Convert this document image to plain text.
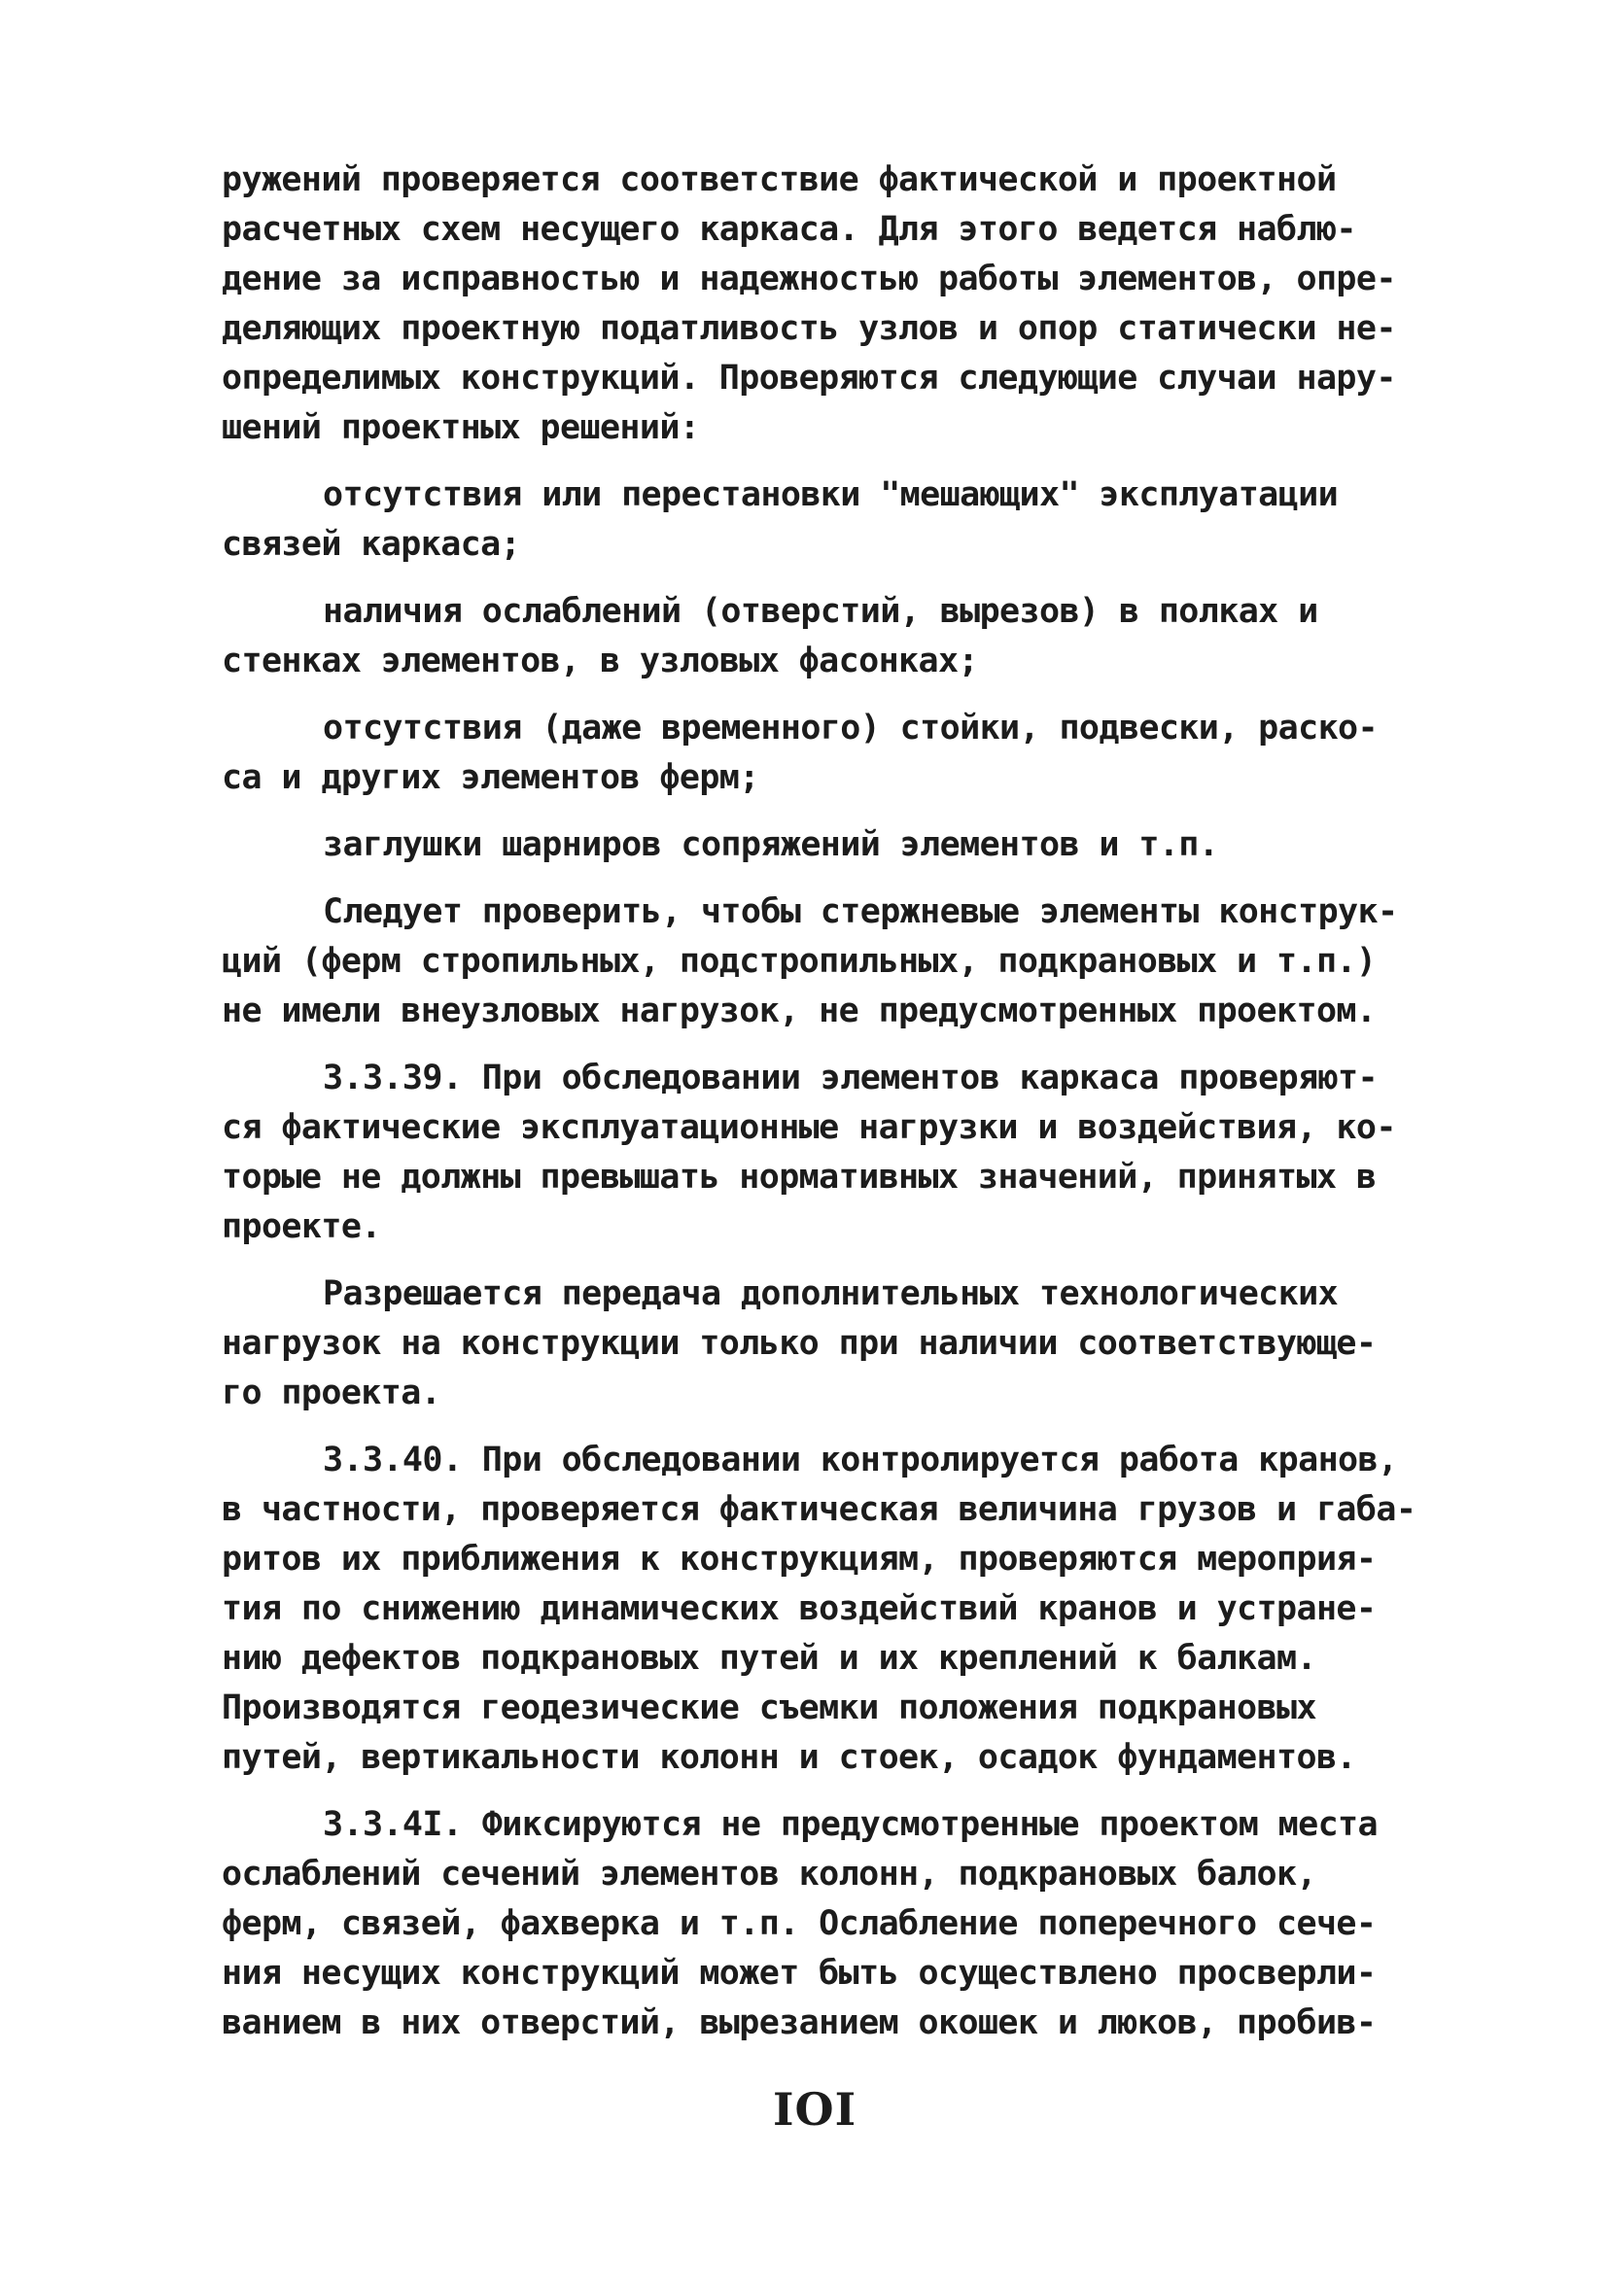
ружений проверяется соответствие фактической и проектной
расчетных схем несущего каркаса. Для этого ведется наблю-
дение за исправностью и надежностью работы элементов, опре-
деляющих проектную податливость узлов и опор статически не-
определимых конструкций. Проверяются следующие случаи нару-
шений проектных решений:
отсутствия или перестановки "мешающих" эксплуатации
связей каркаса;
наличия ослаблений (отверстий, вырезов) в полках и
стенках элементов, в узловых фасонках;
отсутствия (даже временного) стойки, подвески, раско-
са и других элементов ферм;
заглушки шарниров сопряжений элементов и т.п.
Следует проверить, чтобы стержневые элементы конструк-
ций (ферм стропильных, подстропильных, подкрановых и т.п.)
не имели внеузловых нагрузок, не предусмотренных проектом.
3.3.39. При обследовании элементов каркаса проверяют-
ся фактические эксплуатационные нагрузки и воздействия, ко-
торые не должны превышать нормативных значений, принятых в
проекте.
Разрешается передача дополнительных технологических
нагрузок на конструкции только при наличии соответствующе-
го проекта.
3.3.40. При обследовании контролируется работа кранов,
в частности, проверяется фактическая величина грузов и габа-
ритов их приближения к конструкциям, проверяются мероприя-
тия по снижению динамических воздействий кранов и устране-
нию дефектов подкрановых путей и их креплений к балкам.
Производятся геодезические съемки положения подкрановых
путей, вертикальности колонн и стоек, осадок фундаментов.
3.3.4I. Фиксируются не предусмотренные проектом места
ослаблений сечений элементов колонн, подкрановых балок,
ферм, связей, фахверка и т.п. Ослабление поперечного сече-
ния несущих конструкций может быть осуществлено просверли-
ванием в них отверстий, вырезанием окошек и люков, пробив-
IOI
